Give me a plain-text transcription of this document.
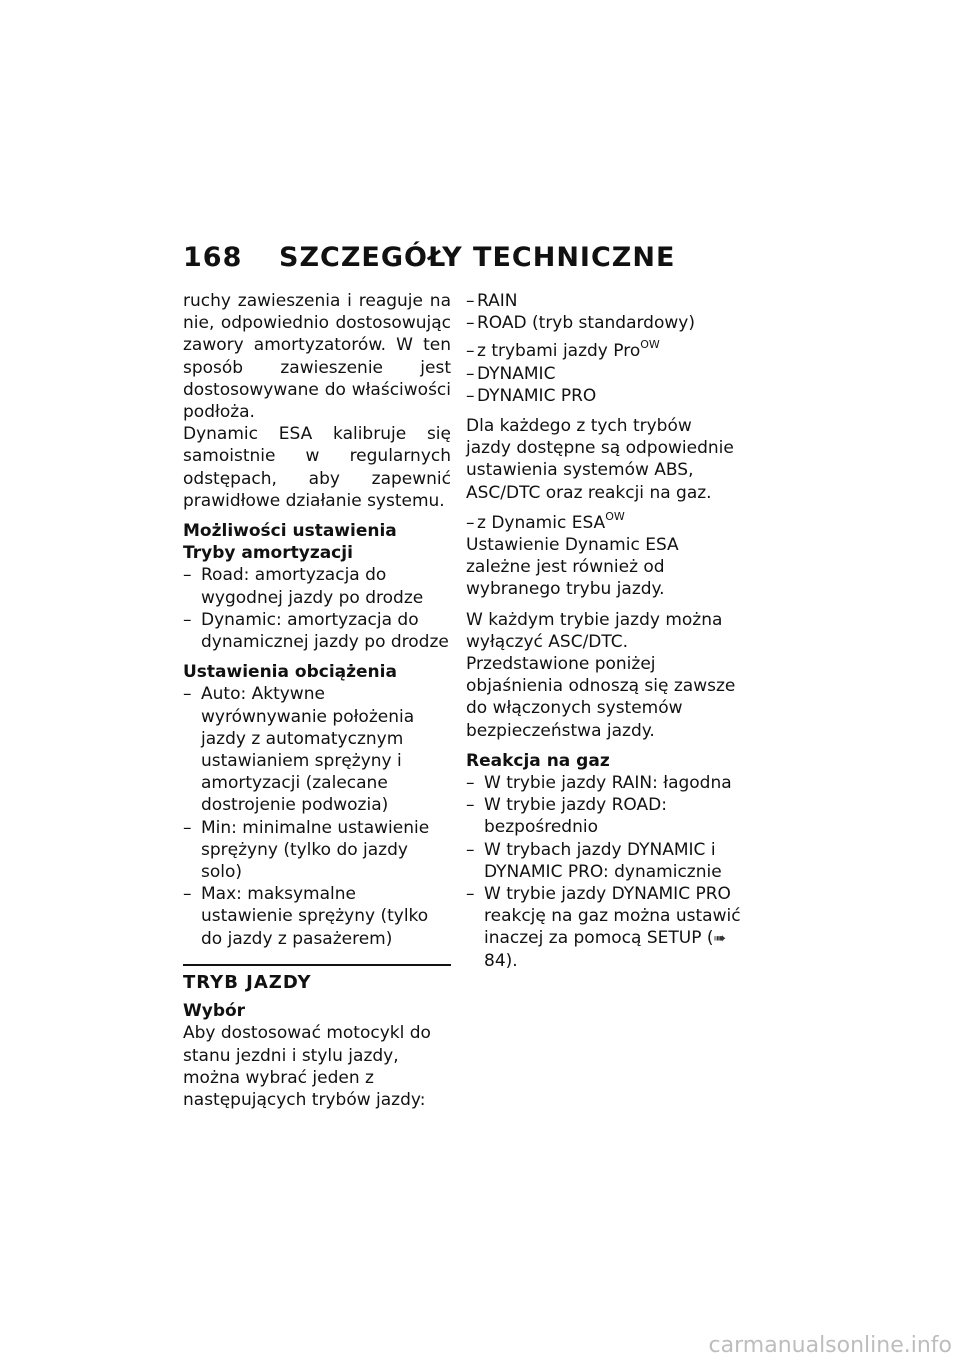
168 SZCZEGÓŁY TECHNICZNE

ruchy zawieszenia i reaguje na nie, odpowiednio dostosowując zawory amortyzatorów. W ten sposób zawieszenie jest dostosowywane do właściwości podłoża.

Dynamic ESA kalibruje się samoistnie w regularnych odstępach, aby zapewnić prawidłowe działanie systemu.

Możliwości ustawienia
Tryby amortyzacji
– Road: amortyzacja do wygodnej jazdy po drodze
– Dynamic: amortyzacja do dynamicznej jazdy po drodze
Ustawienia obciążenia
– Auto: Aktywne wyrównywanie położenia jazdy z automatycznym ustawianiem sprężyny i amortyzacji (zalecane dostrojenie podwozia)
– Min: minimalne ustawienie sprężyny (tylko do jazdy solo)
– Max: maksymalne ustawienie sprężyny (tylko do jazdy z pasażerem)
TRYB JAZDY
Wybór

Aby dostosować motocykl do stanu jezdni i stylu jazdy, można wybrać jeden z następujących trybów jazdy:

– RAIN
– ROAD (tryb standardowy)
– z trybami jazdy Pro$^{OW}$
– DYNAMIC
– DYNAMIC PRO

Dla każdego z tych trybów jazdy dostępne są odpowiednie ustawienia systemów ABS, ASC/DTC oraz reakcji na gaz.

– z Dynamic $ESA^{OW}$

Ustawienie Dynamic ESA zależne jest również od wybranego trybu jazdy.

W każdym trybie jazdy można wyłączyć ASC/DTC. Przedstawione poniżej objaśnienia odnoszą się zawsze do włączonych systemów bezpieczeństwa jazdy.

Reakcja na gaz
– W trybie jazdy RAIN: łagodna
– W trybie jazdy ROAD: bezpośrednio
– W trybach jazdy DYNAMIC i DYNAMIC PRO: dynamicznie
– W trybie jazdy DYNAMIC PRO reakcję na gaz można ustawić inaczej za pomocą SETUP (➠84).
carmanualsonline.info
